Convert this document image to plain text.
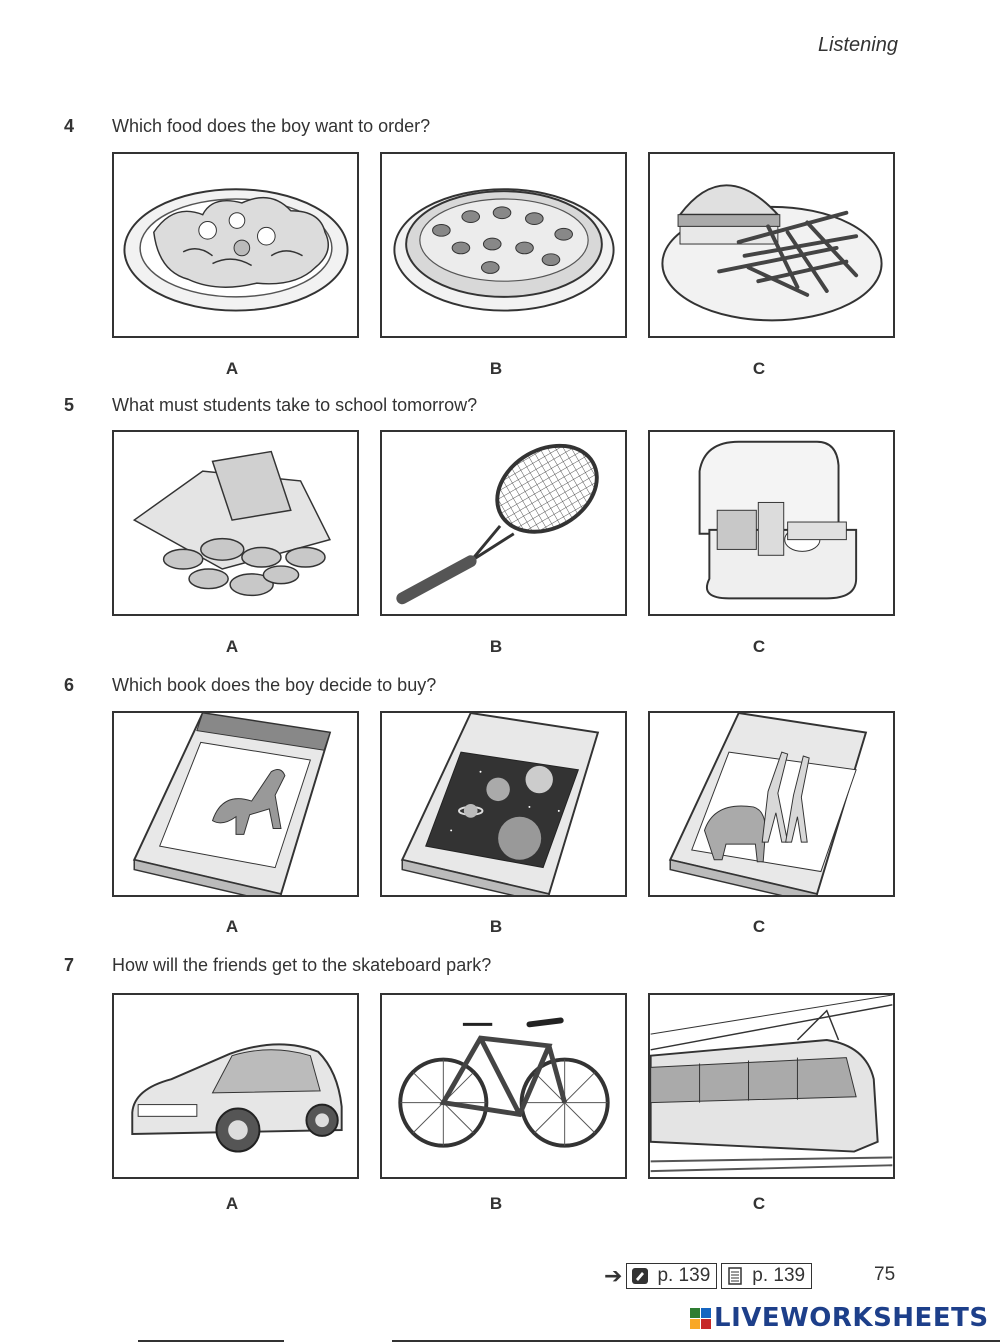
Listening
4 Which food does the boy want to order?
A	B	C
5 What must students take to school tomorrow?
A	B	C
6 Which book does the boy decide to buy?
A	B	C
7 How will the friends get to the skateboard park?
A	B	C
➔ p. 139 p. 139	75
LIVEWORKSHEETS
